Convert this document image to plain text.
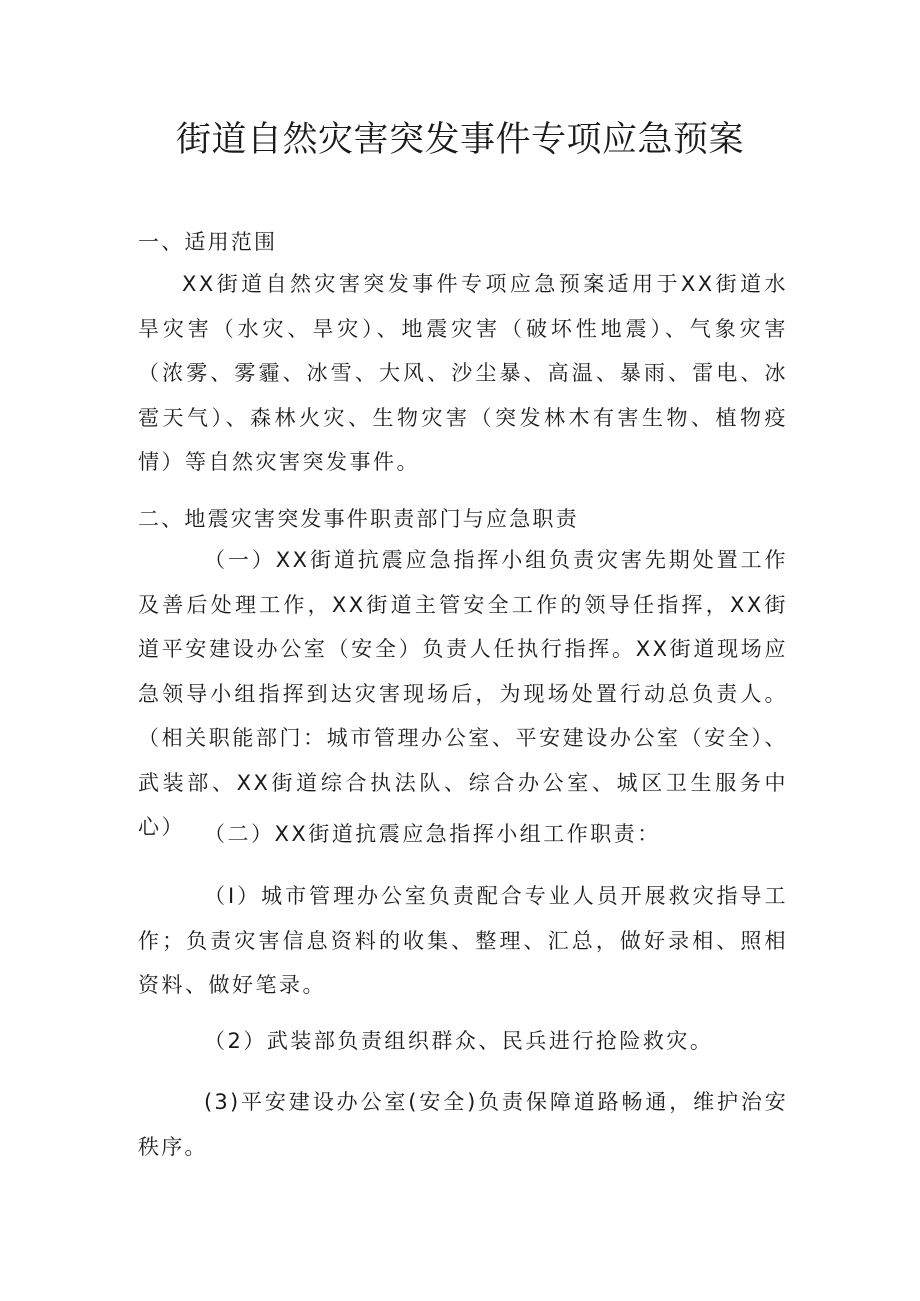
街道自然灾害突发事件专项应急预案

一、适用范围

XX街道自然灾害突发事件专项应急预案适用于XX街道水旱灾害（水灾、旱灾）、地震灾害（破坏性地震）、气象灾害（浓雾、雾霾、冰雪、大风、沙尘暴、高温、暴雨、雷电、冰雹天气）、森林火灾、生物灾害（突发林木有害生物、植物疫情）等自然灾害突发事件。

二、地震灾害突发事件职责部门与应急职责

（一）XX街道抗震应急指挥小组负责灾害先期处置工作及善后处理工作，XX街道主管安全工作的领导任指挥，XX街道平安建设办公室（安全）负责人任执行指挥。XX街道现场应急领导小组指挥到达灾害现场后，为现场处置行动总负责人。（相关职能部门：城市管理办公室、平安建设办公室（安全）、武装部、XX街道综合执法队、综合办公室、城区卫生服务中心） （二）XX街道抗震应急指挥小组工作职责：

（I）城市管理办公室负责配合专业人员开展救灾指导工作；负责灾害信息资料的收集、整理、汇总，做好录相、照相资料、做好笔录。

（2）武装部负责组织群众、民兵进行抢险救灾。

(3)平安建设办公室(安全)负责保障道路畅通，维护治安秩序。
